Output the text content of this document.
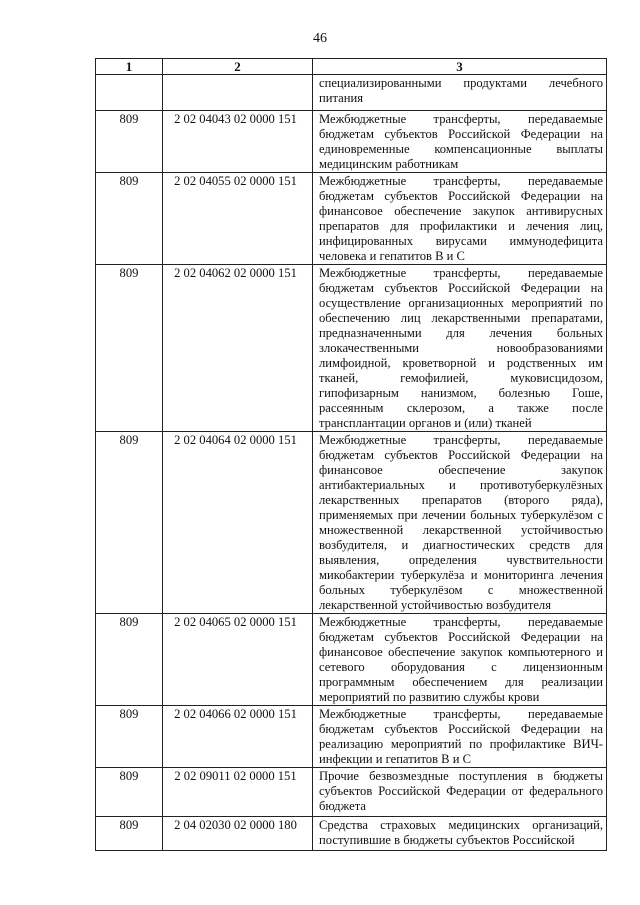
46
1	2	3
		специализированными продуктами лечебного питания
809	2 02 04043 02 0000 151	Межбюджетные трансферты, передаваемые бюджетам субъектов Российской Федерации на единовременные компенсационные выплаты медицинским работникам
809	2 02 04055 02 0000 151	Межбюджетные трансферты, передаваемые бюджетам субъектов Российской Федерации на финансовое обеспечение закупок антивирусных препаратов для профилактики и лечения лиц, инфицированных вирусами иммунодефицита человека и гепатитов В и С
809	2 02 04062 02 0000 151	Межбюджетные трансферты, передаваемые бюджетам субъектов Российской Федерации на осуществление организационных мероприятий по обеспечению лиц лекарственными препаратами, предназначенными для лечения больных злокачественными новообразованиями лимфоидной, кроветворной и родственных им тканей, гемофилией, муковисцидозом, гипофизарным нанизмом, болезнью Гоше, рассеянным склерозом, а также после трансплантации органов и (или) тканей
809	2 02 04064 02 0000 151	Межбюджетные трансферты, передаваемые бюджетам субъектов Российской Федерации на финансовое обеспечение закупок антибактериальных и противотуберкулёзных лекарственных препаратов (второго ряда), применяемых при лечении больных туберкулёзом с множественной лекарственной устойчивостью возбудителя, и диагностических средств для выявления, определения чувствительности микобактерии туберкулёза и мониторинга лечения больных туберкулёзом с множественной лекарственной устойчивостью возбудителя
809	2 02 04065 02 0000 151	Межбюджетные трансферты, передаваемые бюджетам субъектов Российской Федерации на финансовое обеспечение закупок компьютерного и сетевого оборудования с лицензионным программным обеспечением для реализации мероприятий по развитию службы крови
809	2 02 04066 02 0000 151	Межбюджетные трансферты, передаваемые бюджетам субъектов Российской Федерации на реализацию мероприятий по профилактике ВИЧ-инфекции и гепатитов В и С
809	2 02 09011 02 0000 151	Прочие безвозмездные поступления в бюджеты субъектов Российской Федерации от федерального бюджета
809	2 04 02030 02 0000 180	Средства страховых медицинских организаций, поступившие в бюджеты субъектов Российской
